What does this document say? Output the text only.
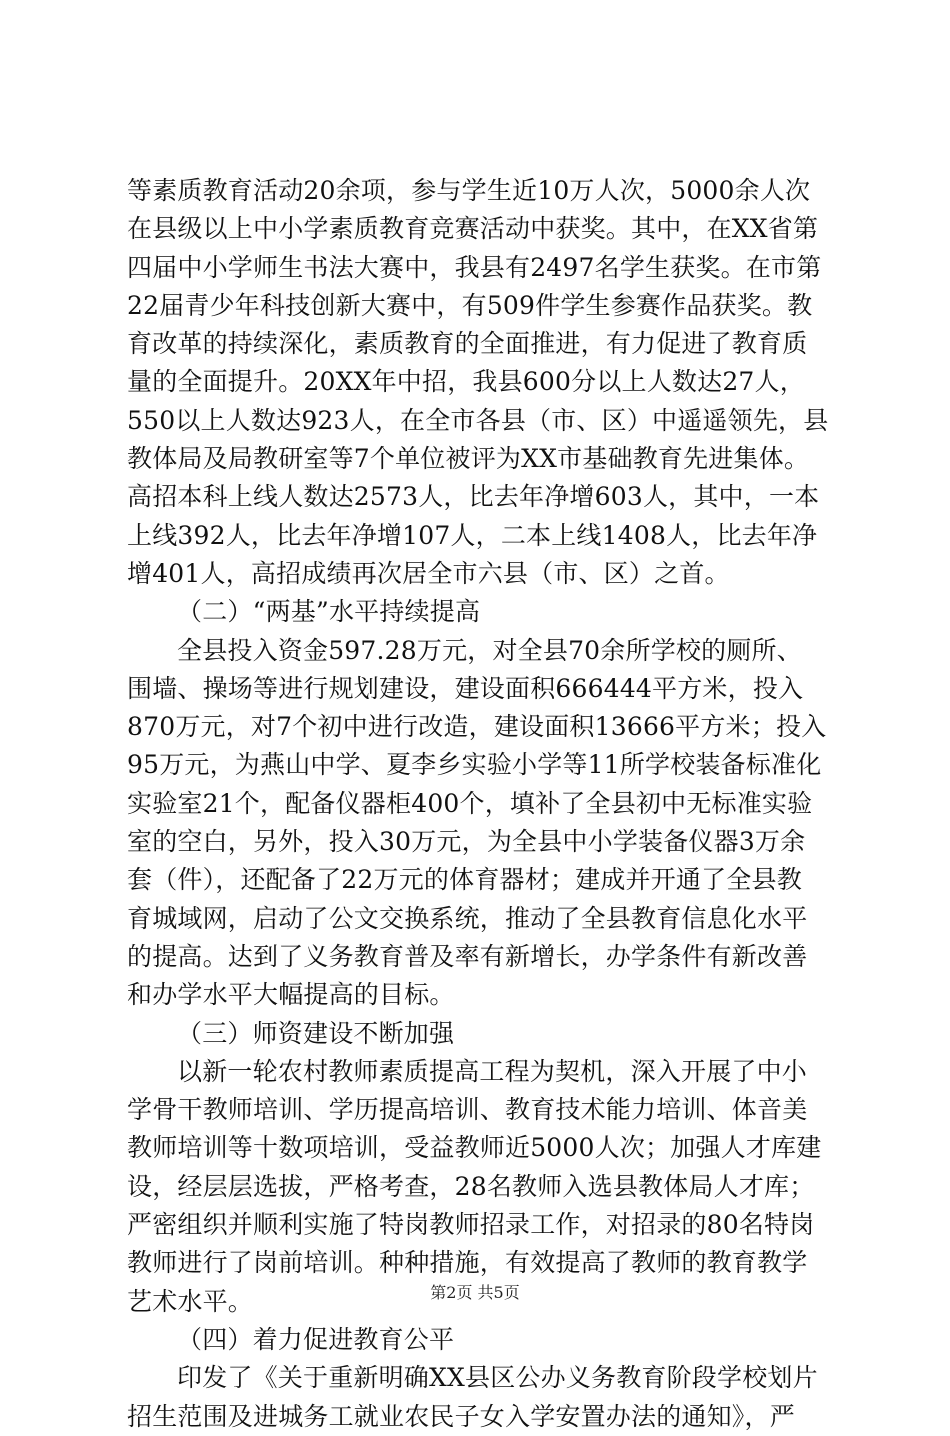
等素质教育活动20余项，参与学生近10万人次，5000余人次
在县级以上中小学素质教育竞赛活动中获奖。其中，在XX省第
四届中小学师生书法大赛中，我县有2497名学生获奖。在市第
22届青少年科技创新大赛中，有509件学生参赛作品获奖。教
育改革的持续深化，素质教育的全面推进，有力促进了教育质
量的全面提升。20XX年中招，我县600分以上人数达27人，
550以上人数达923人，在全市各县（市、区）中遥遥领先，县
教体局及局教研室等7个单位被评为XX市基础教育先进集体。
高招本科上线人数达2573人，比去年净增603人，其中，一本
上线392人，比去年净增107人，二本上线1408人，比去年净
增401人，高招成绩再次居全市六县（市、区）之首。
（二）“两基”水平持续提高
全县投入资金597.28万元，对全县70余所学校的厕所、
围墙、操场等进行规划建设，建设面积666444平方米，投入
870万元，对7个初中进行改造，建设面积13666平方米；投入
95万元，为燕山中学、夏李乡实验小学等11所学校装备标准化
实验室21个，配备仪器柜400个，填补了全县初中无标准实验
室的空白，另外，投入30万元，为全县中小学装备仪器3万余
套（件），还配备了22万元的体育器材；建成并开通了全县教
育城域网，启动了公文交换系统，推动了全县教育信息化水平
的提高。达到了义务教育普及率有新增长，办学条件有新改善
和办学水平大幅提高的目标。
（三）师资建设不断加强
以新一轮农村教师素质提高工程为契机，深入开展了中小
学骨干教师培训、学历提高培训、教育技术能力培训、体音美
教师培训等十数项培训，受益教师近5000人次；加强人才库建
设，经层层选拔，严格考查，28名教师入选县教体局人才库；
严密组织并顺利实施了特岗教师招录工作，对招录的80名特岗
教师进行了岗前培训。种种措施，有效提高了教师的教育教学
艺术水平。
（四）着力促进教育公平
印发了《关于重新明确XX县区公办义务教育阶段学校划片
招生范围及进城务工就业农民子女入学安置办法的通知》，严
第2页 共5页
